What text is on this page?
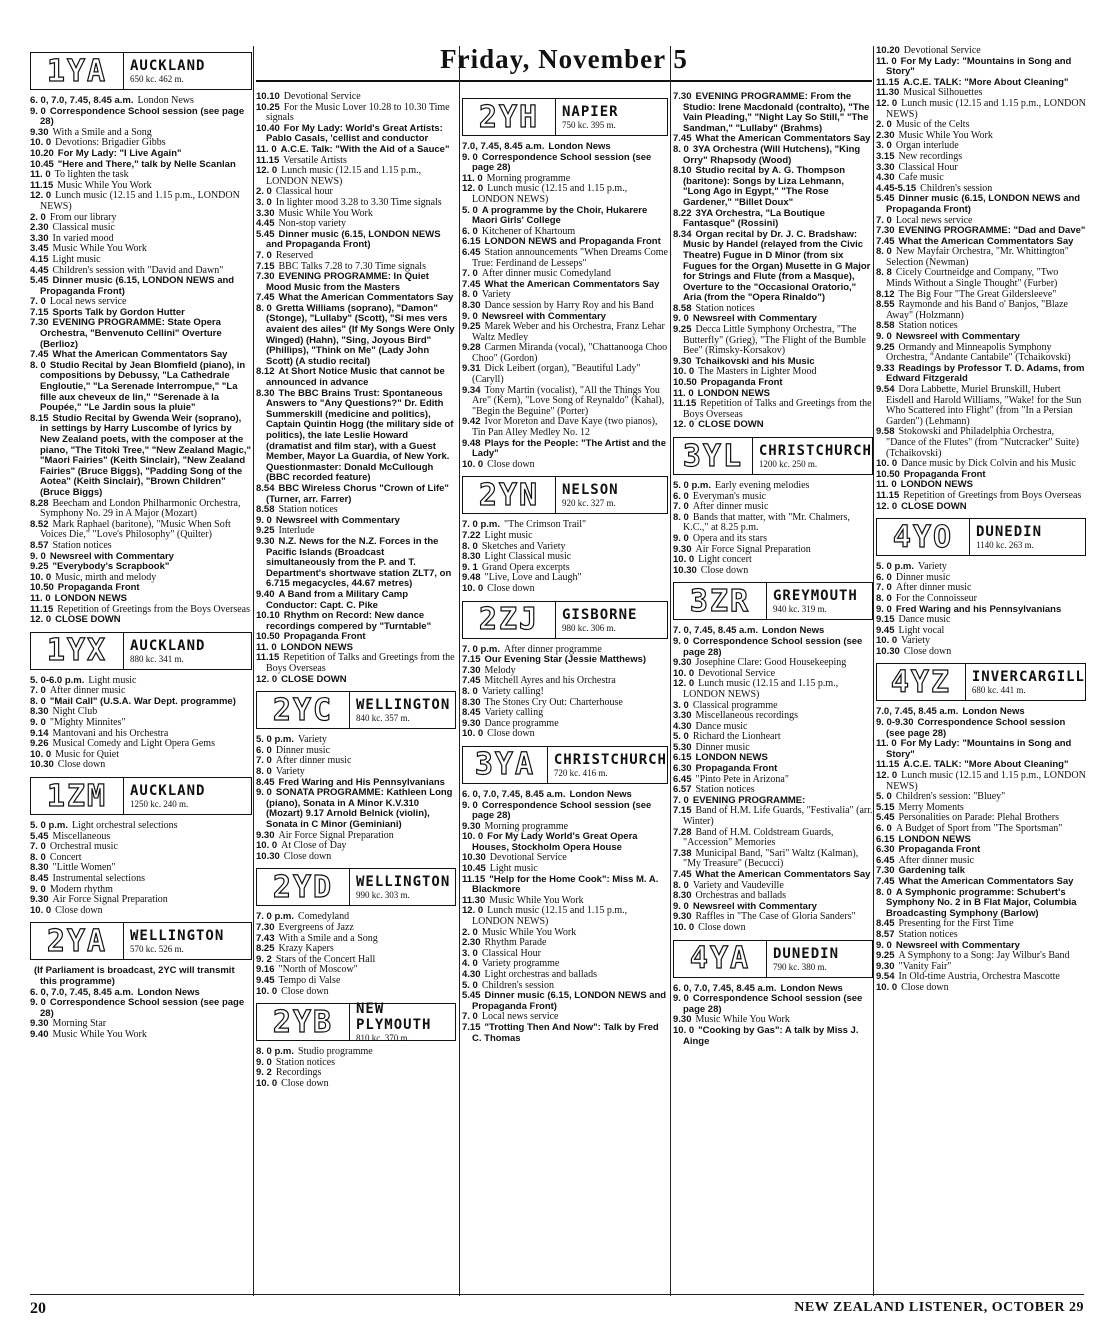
Friday, November 5
1YA	AUCKLAND
650 kc. 462 m.

6. 0, 7.0, 7.45, 8.45 a.m. London News

9. 0 Correspondence School session (see page 28)

9.30 With a Smile and a Song

10. 0 Devotions: Brigadier Gibbs

10.20 For My Lady: "I Live Again"

10.45 "Here and There," talk by Nelle Scanlan

11. 0 To lighten the task

11.15 Music While You Work

12. 0 Lunch music (12.15 and 1.15 p.m., LONDON NEWS)

2. 0 From our library

2.30 Classical music

3.30 In varied mood

3.45 Music While You Work

4.15 Light music

4.45 Children's session with "David and Dawn"

5.45 Dinner music (6.15, LONDON NEWS and Propaganda Front)

7. 0 Local news service

7.15 Sports Talk by Gordon Hutter

7.30 EVENING PROGRAMME: State Opera Orchestra, "Benvenuto Cellini" Overture (Berlioz)

7.45 What the American Commentators Say

8. 0 Studio Recital by Jean Blomfield (piano), in compositions by Debussy, "La Cathedrale Engloutie," "La Serenade Interrompue," "La fille aux cheveux de lin," "Serenade à la Poupée," "Le Jardin sous la pluie"

8.15 Studio Recital by Gwenda Weir (soprano), in settings by Harry Luscombe of lyrics by New Zealand poets, with the composer at the piano, "The Titoki Tree," "New Zealand Magic," "Maori Fairies" (Keith Sinclair), "New Zealand Fairies" (Bruce Biggs), "Padding Song of the Aotea" (Keith Sinclair), "Brown Children" (Bruce Biggs)

8.28 Beecham and London Philharmonic Orchestra, Symphony No. 29 in A Major (Mozart)

8.52 Mark Raphael (baritone), "Music When Soft Voices Die," "Love's Philosophy" (Quilter)

8.57 Station notices

9. 0 Newsreel with Commentary

9.25 "Everybody's Scrapbook"

10. 0 Music, mirth and melody

10.50 Propaganda Front

11. 0 LONDON NEWS

11.15 Repetition of Greetings from the Boys Overseas

12. 0 CLOSE DOWN

1YX	AUCKLAND
880 kc. 341 m.

5. 0-6.0 p.m. Light music

7. 0 After dinner music

8. 0 "Mail Call" (U.S.A. War Dept. programme)

8.30 Night Club

9. 0 "Mighty Minnites"

9.14 Mantovani and his Orchestra

9.26 Musical Comedy and Light Opera Gems

10. 0 Music for Quiet

10.30 Close down

1ZM	AUCKLAND
1250 kc. 240 m.

5. 0 p.m. Light orchestral selections

5.45 Miscellaneous

7. 0 Orchestral music

8. 0 Concert

8.30 "Little Women"

8.45 Instrumental selections

9. 0 Modern rhythm

9.30 Air Force Signal Preparation

10. 0 Close down

2YA	WELLINGTON
570 kc. 526 m.

(If Parliament is broadcast, 2YC will transmit this programme)

6. 0, 7.0, 7.45, 8.45 a.m. London News

9. 0 Correspondence School session (see page 28)

9.30 Morning Star

9.40 Music While You Work

10.10 Devotional Service

10.25 For the Music Lover 10.28 to 10.30 Time signals

10.40 For My Lady: World's Great Artists: Pablo Casals, 'cellist and conductor

11. 0 A.C.E. Talk: "With the Aid of a Sauce"

11.15 Versatile Artists

12. 0 Lunch music (12.15 and 1.15 p.m., LONDON NEWS)

2. 0 Classical hour

3. 0 In lighter mood 3.28 to 3.30 Time signals

3.30 Music While You Work

4.45 Non-stop variety

5.45 Dinner music (6.15, LONDON NEWS and Propaganda Front)

7. 0 Reserved

7.15 BBC Talks 7.28 to 7.30 Time signals

7.30 EVENING PROGRAMME: In Quiet Mood Music from the Masters

7.45 What the American Commentators Say

8. 0 Gretta Williams (soprano), "Damon" (Stonge), "Lullaby" (Scott), "Si mes vers avaient des ailes" (If My Songs Were Only Winged) (Hahn), "Sing, Joyous Bird" (Phillips), "Think on Me" (Lady John Scott) (A studio recital)

8.12 At Short Notice Music that cannot be announced in advance

8.30 The BBC Brains Trust: Spontaneous Answers to "Any Questions?" Dr. Edith Summerskill (medicine and politics), Captain Quintin Hogg (the military side of politics), the late Leslie Howard (dramatist and film star), with a Guest Member, Mayor La Guardia, of New York. Questionmaster: Donald McCullough (BBC recorded feature)

8.54 BBC Wireless Chorus "Crown of Life" (Turner, arr. Farrer)

8.58 Station notices

9. 0 Newsreel with Commentary

9.25 Interlude

9.30 N.Z. News for the N.Z. Forces in the Pacific Islands (Broadcast simultaneously from the P. and T. Department's shortwave station ZLT7, on 6.715 megacycles, 44.67 metres)

9.40 A Band from a Military Camp Conductor: Capt. C. Pike

10.10 Rhythm on Record: New dance recordings compered by "Turntable"

10.50 Propaganda Front

11. 0 LONDON NEWS

11.15 Repetition of Talks and Greetings from the Boys Overseas

12. 0 CLOSE DOWN

2YC	WELLINGTON
840 kc. 357 m.

5. 0 p.m. Variety

6. 0 Dinner music

7. 0 After dinner music

8. 0 Variety

8.45 Fred Waring and His Pennsylvanians

9. 0 SONATA PROGRAMME: Kathleen Long (piano), Sonata in A Minor K.V.310 (Mozart) 9.17 Arnold Belnick (violin), Sonata in C Minor (Geminiani)

9.30 Air Force Signal Preparation

10. 0 At Close of Day

10.30 Close down

2YD	WELLINGTON
990 kc. 303 m.

7. 0 p.m. Comedyland

7.30 Evergreens of Jazz

7.43 With a Smile and a Song

8.25 Krazy Kapers

9. 2 Stars of the Concert Hall

9.16 "North of Moscow"

9.45 Tempo di Valse

10. 0 Close down

2YB	NEW PLYMOUTH
810 kc. 370 m.

8. 0 p.m. Studio programme

9. 0 Station notices

9. 2 Recordings

10. 0 Close down

2YH	NAPIER
750 kc. 395 m.

7.0, 7.45, 8.45 a.m. London News

9. 0 Correspondence School session (see page 28)

11. 0 Morning programme

12. 0 Lunch music (12.15 and 1.15 p.m., LONDON NEWS)

5. 0 A programme by the Choir, Hukarere Maori Girls' College

6. 0 Kitchener of Khartoum

6.15 LONDON NEWS and Propaganda Front

6.45 Station announcements "When Dreams Come True: Ferdinand de Lesseps"

7. 0 After dinner music Comedyland

7.45 What the American Commentators Say

8. 0 Variety

8.30 Dance session by Harry Roy and his Band

9. 0 Newsreel with Commentary

9.25 Marek Weber and his Orchestra, Franz Lehar Waltz Medley

9.28 Carmen Miranda (vocal), "Chattanooga Choo Choo" (Gordon)

9.31 Dick Leibert (organ), "Beautiful Lady" (Caryll)

9.34 Tony Martin (vocalist), "All the Things You Are" (Kern), "Love Song of Reynaldo" (Kahal), "Begin the Beguine" (Porter)

9.42 Ivor Moreton and Dave Kaye (two pianos), Tin Pan Alley Medley No. 12

9.48 Plays for the People: "The Artist and the Lady"

10. 0 Close down

2YN	NELSON
920 kc. 327 m.

7. 0 p.m. "The Crimson Trail"

7.22 Light music

8. 0 Sketches and Variety

8.30 Light Classical music

9. 1 Grand Opera excerpts

9.48 "Live, Love and Laugh"

10. 0 Close down

2ZJ	GISBORNE
980 kc. 306 m.

7. 0 p.m. After dinner programme

7.15 Our Evening Star (Jessie Matthews)

7.30 Melody

7.45 Mitchell Ayres and his Orchestra

8. 0 Variety calling!

8.30 The Stones Cry Out: Charterhouse

8.45 Variety calling

9.30 Dance programme

10. 0 Close down

3YA	CHRISTCHURCH
720 kc. 416 m.

6. 0, 7.0, 7.45, 8.45 a.m. London News

9. 0 Correspondence School session (see page 28)

9.30 Morning programme

10. 0 For My Lady World's Great Opera Houses, Stockholm Opera House

10.30 Devotional Service

10.45 Light music

11.15 "Help for the Home Cook": Miss M. A. Blackmore

11.30 Music While You Work

12. 0 Lunch music (12.15 and 1.15 p.m., LONDON NEWS)

2. 0 Music While You Work

2.30 Rhythm Parade

3. 0 Classical Hour

4. 0 Variety programme

4.30 Light orchestras and ballads

5. 0 Children's session

5.45 Dinner music (6.15, LONDON NEWS and Propaganda Front)

7. 0 Local news service

7.15 "Trotting Then And Now": Talk by Fred C. Thomas

7.30 EVENING PROGRAMME: From the Studio: Irene Macdonald (contralto), "The Vain Pleading," "Night Lay So Still," "The Sandman," "Lullaby" (Brahms)

7.45 What the American Commentators Say

8. 0 3YA Orchestra (Will Hutchens), "King Orry" Rhapsody (Wood)

8.10 Studio recital by A. G. Thompson (baritone): Songs by Liza Lehmann, "Long Ago in Egypt," "The Rose Gardener," "Billet Doux"

8.22 3YA Orchestra, "La Boutique Fantasque" (Rossini)

8.34 Organ recital by Dr. J. C. Bradshaw: Music by Handel (relayed from the Civic Theatre) Fugue in D Minor (from six Fugues for the Organ) Musette in G Major for Strings and Flute (from a Masque), Overture to the "Occasional Oratorio," Aria (from the "Opera Rinaldo")

8.58 Station notices

9. 0 Newsreel with Commentary

9.25 Decca Little Symphony Orchestra, "The Butterfly" (Grieg), "The Flight of the Bumble Bee" (Rimsky-Korsakov)

9.30 Tchaikovski and his Music

10. 0 The Masters in Lighter Mood

10.50 Propaganda Front

11. 0 LONDON NEWS

11.15 Repetition of Talks and Greetings from the Boys Overseas

12. 0 CLOSE DOWN

3YL	CHRISTCHURCH
1200 kc. 250 m.

5. 0 p.m. Early evening melodies

6. 0 Everyman's music

7. 0 After dinner music

8. 0 Bands that matter, with "Mr. Chalmers, K.C.," at 8.25 p.m.

9. 0 Opera and its stars

9.30 Air Force Signal Preparation

10. 0 Light concert

10.30 Close down

3ZR	GREYMOUTH
940 kc. 319 m.

7. 0, 7.45, 8.45 a.m. London News

9. 0 Correspondence School session (see page 28)

9.30 Josephine Clare: Good Housekeeping

10. 0 Devotional Service

12. 0 Lunch music (12.15 and 1.15 p.m., LONDON NEWS)

3. 0 Classical programme

3.30 Miscellaneous recordings

4.30 Dance music

5. 0 Richard the Lionheart

5.30 Dinner music

6.15 LONDON NEWS

6.30 Propaganda Front

6.45 "Pinto Pete in Arizona"

6.57 Station notices

7. 0 EVENING PROGRAMME:

7.15 Band of H.M. Life Guards, "Festivalia" (arr. Winter)

7.28 Band of H.M. Coldstream Guards, "Accession" Memories

7.38 Municipal Band, "Sari" Waltz (Kalman), "My Treasure" (Becucci)

7.45 What the American Commentators Say

8. 0 Variety and Vaudeville

8.30 Orchestras and ballads

9. 0 Newsreel with Commentary

9.30 Raffles in "The Case of Gloria Sanders"

10. 0 Close down

4YA	DUNEDIN
790 kc. 380 m.

6. 0, 7.0, 7.45, 8.45 a.m. London News

9. 0 Correspondence School session (see page 28)

9.30 Music While You Work

10. 0 "Cooking by Gas": A talk by Miss J. Ainge

10.20 Devotional Service

11. 0 For My Lady: "Mountains in Song and Story"

11.15 A.C.E. TALK: "More About Cleaning"

11.30 Musical Silhouettes

12. 0 Lunch music (12.15 and 1.15 p.m., LONDON NEWS)

2. 0 Music of the Celts

2.30 Music While You Work

3. 0 Organ interlude

3.15 New recordings

3.30 Classical Hour

4.30 Cafe music

4.45-5.15 Children's session

5.45 Dinner music (6.15, LONDON NEWS and Propaganda Front)

7. 0 Local news service

7.30 EVENING PROGRAMME: "Dad and Dave"

7.45 What the American Commentators Say

8. 0 New Mayfair Orchestra, "Mr. Whittington" Selection (Newman)

8. 8 Cicely Courtneidge and Company, "Two Minds Without a Single Thought" (Furber)

8.12 The Big Four "The Great Gildersleeve"

8.55 Raymonde and his Band o' Banjos, "Blaze Away" (Holzmann)

8.58 Station notices

9. 0 Newsreel with Commentary

9.25 Ormandy and Minneapolis Symphony Orchestra, "Andante Cantabile" (Tchaikovski)

9.33 Readings by Professor T. D. Adams, from Edward Fitzgerald

9.54 Dora Labbette, Muriel Brunskill, Hubert Eisdell and Harold Williams, "Wake! for the Sun Who Scattered into Flight" (from "In a Persian Garden") (Lehmann)

9.58 Stokowski and Philadelphia Orchestra, "Dance of the Flutes" (from "Nutcracker" Suite) (Tchaikovski)

10. 0 Dance music by Dick Colvin and his Music

10.50 Propaganda Front

11. 0 LONDON NEWS

11.15 Repetition of Greetings from Boys Overseas

12. 0 CLOSE DOWN

4YO	DUNEDIN
1140 kc. 263 m.

5. 0 p.m. Variety

6. 0 Dinner music

7. 0 After dinner music

8. 0 For the Connoisseur

9. 0 Fred Waring and his Pennsylvanians

9.15 Dance music

9.45 Light vocal

10. 0 Variety

10.30 Close down

4YZ	INVERCARGILL
680 kc. 441 m.

7.0, 7.45, 8.45 a.m. London News

9. 0-9.30 Correspondence School session (see page 28)

11. 0 For My Lady: "Mountains in Song and Story"

11.15 A.C.E. TALK: "More About Cleaning"

12. 0 Lunch music (12.15 and 1.15 p.m., LONDON NEWS)

5. 0 Children's session: "Bluey"

5.15 Merry Moments

5.45 Personalities on Parade: Plehal Brothers

6. 0 A Budget of Sport from "The Sportsman"

6.15 LONDON NEWS

6.30 Propaganda Front

6.45 After dinner music

7.30 Gardening talk

7.45 What the American Commentators Say

8. 0 A Symphonic programme: Schubert's Symphony No. 2 in B Flat Major, Columbia Broadcasting Symphony (Barlow)

8.45 Presenting for the First Time

8.57 Station notices

9. 0 Newsreel with Commentary

9.25 A Symphony to a Song: Jay Wilbur's Band

9.30 "Vanity Fair"

9.54 In Old-time Austria, Orchestra Mascotte

10. 0 Close down

20	NEW ZEALAND LISTENER, OCTOBER 29
